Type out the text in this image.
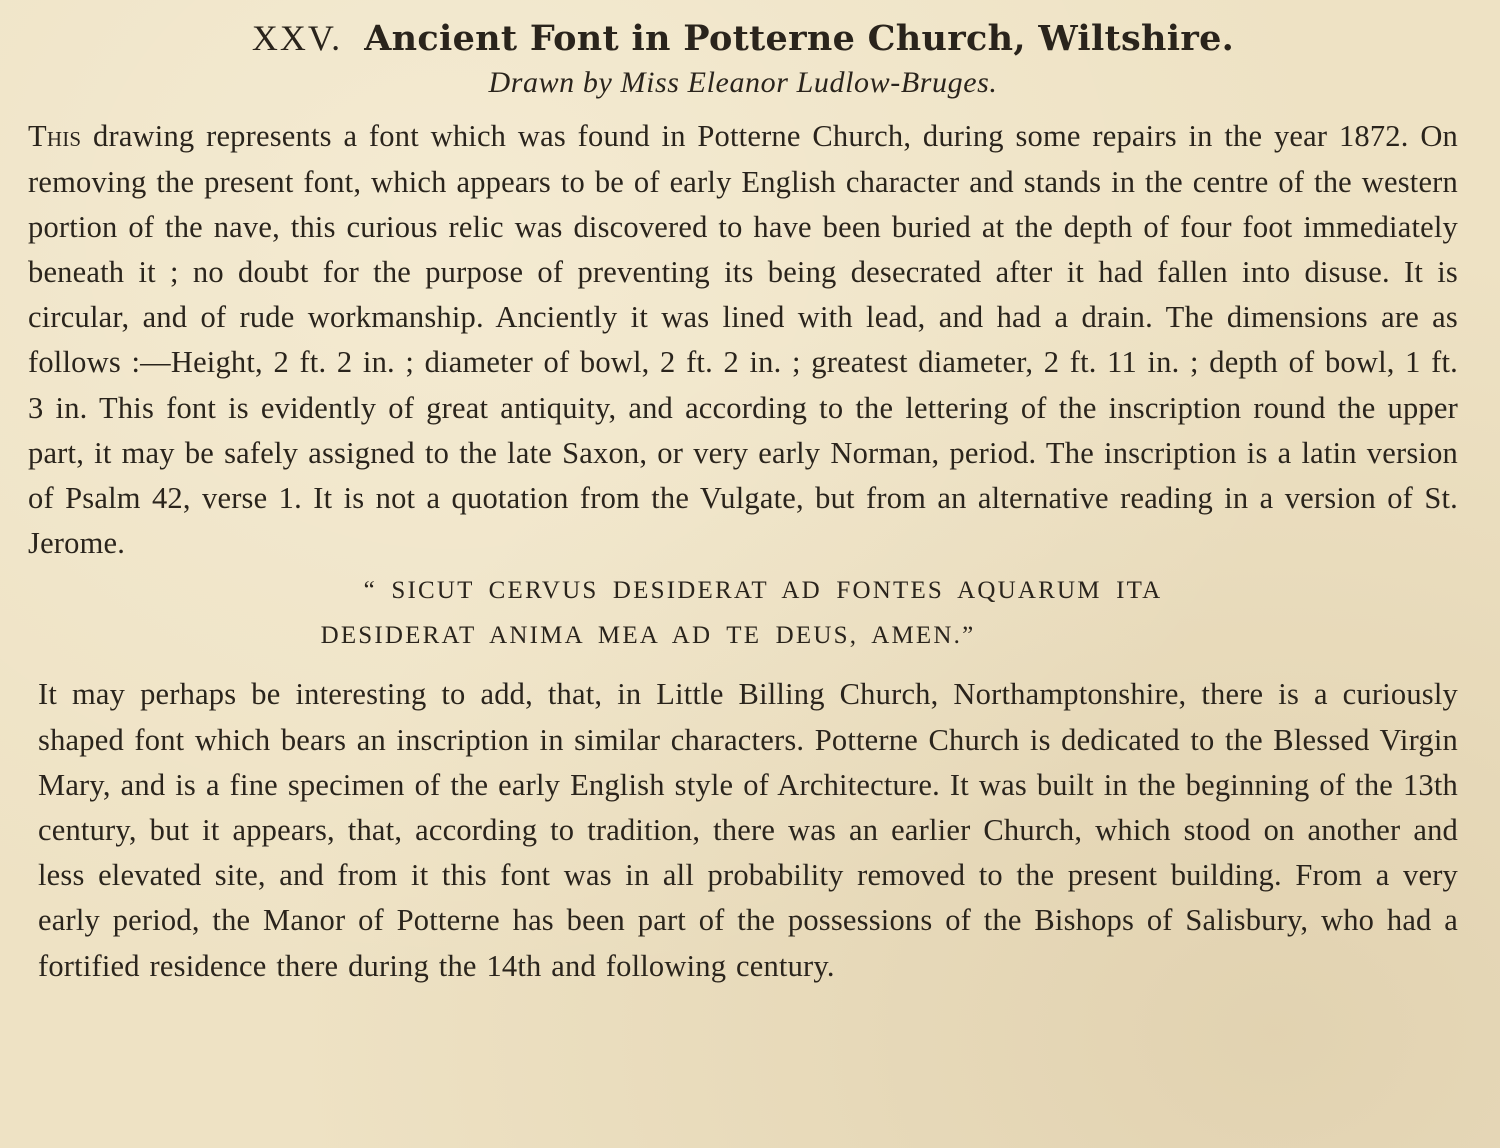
XXV. Ancient Font in Potterne Church, Wiltshire.

Drawn by Miss Eleanor Ludlow-Bruges.

This drawing represents a font which was found in Potterne Church, during some repairs in the year 1872. On removing the present font, which appears to be of early English character and stands in the centre of the western portion of the nave, this curious relic was discovered to have been buried at the depth of four foot immediately beneath it ; no doubt for the purpose of preventing its being desecrated after it had fallen into disuse. It is circular, and of rude workmanship. Anciently it was lined with lead, and had a drain. The dimensions are as follows :—Height, 2 ft. 2 in. ; diameter of bowl, 2 ft. 2 in. ; greatest diameter, 2 ft. 11 in. ; depth of bowl, 1 ft. 3 in. This font is evidently of great antiquity, and according to the lettering of the inscription round the upper part, it may be safely assigned to the late Saxon, or very early Norman, period. The inscription is a latin version of Psalm 42, verse 1. It is not a quotation from the Vulgate, but from an alternative reading in a version of St. Jerome.

“ SICUT CERVUS DESIDERAT AD FONTES AQUARUM ITA
DESIDERAT ANIMA MEA AD TE DEUS, AMEN.”

It may perhaps be interesting to add, that, in Little Billing Church, Northamptonshire, there is a curiously shaped font which bears an inscription in similar characters. Potterne Church is dedicated to the Blessed Virgin Mary, and is a fine specimen of the early English style of Architecture. It was built in the beginning of the 13th century, but it appears, that, according to tradition, there was an earlier Church, which stood on another and less elevated site, and from it this font was in all probability removed to the present building. From a very early period, the Manor of Potterne has been part of the possessions of the Bishops of Salisbury, who had a fortified residence there during the 14th and following century.
